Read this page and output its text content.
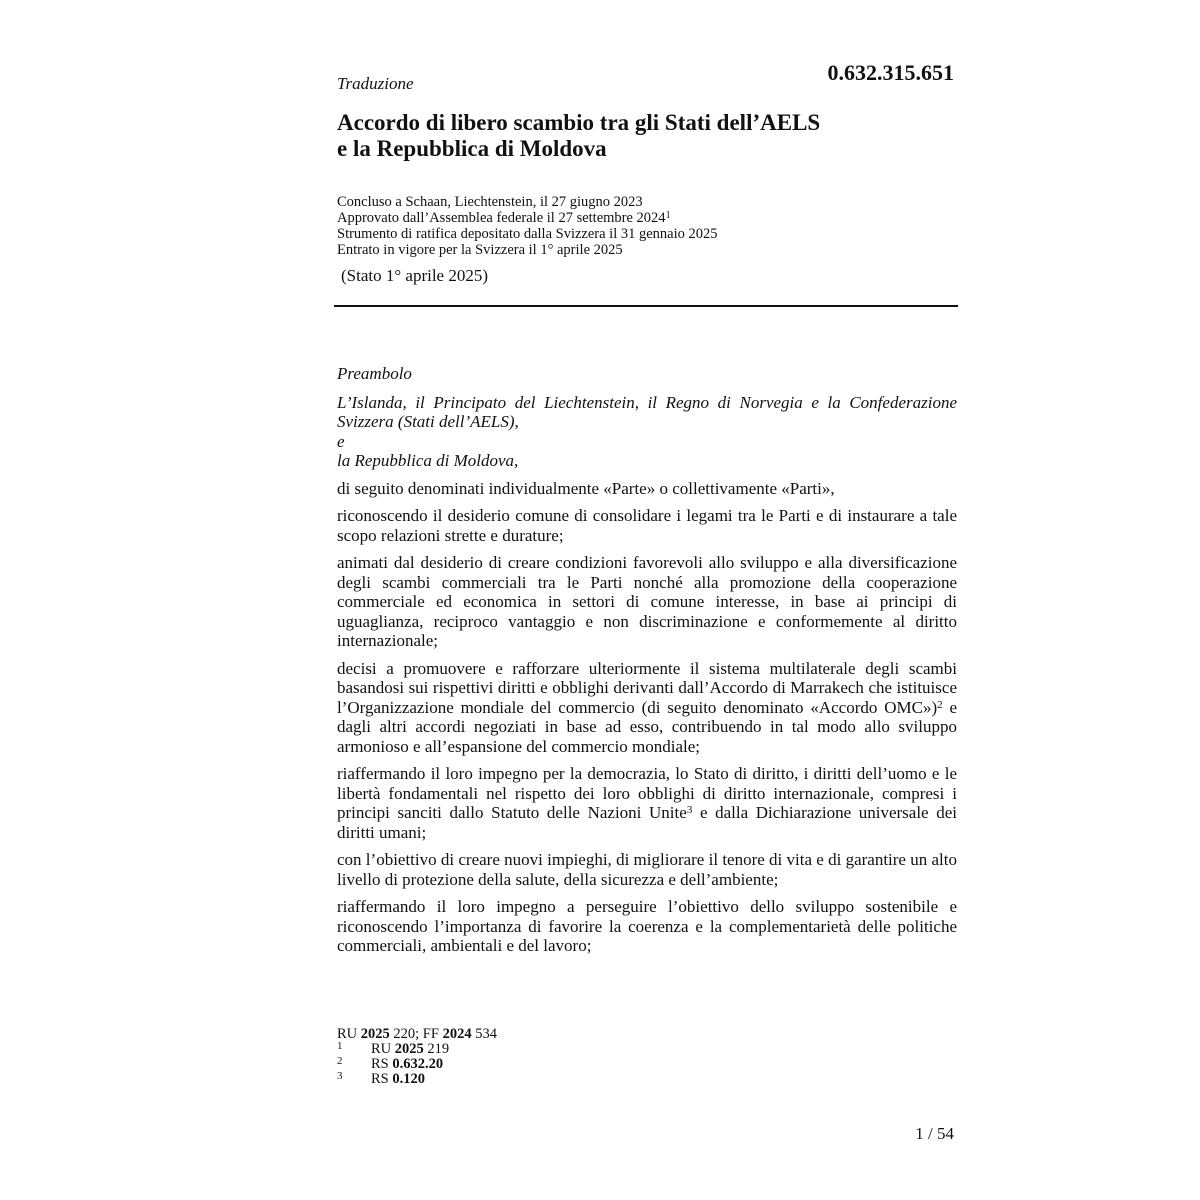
Traduzione	0.632.315.651
Accordo di libero scambio tra gli Stati dell’AELS
e la Repubblica di Moldova
Concluso a Schaan, Liechtenstein, il 27 giugno 2023
Approvato dall’Assemblea federale il 27 settembre 2024$^1$
Strumento di ratifica depositato dalla Svizzera il 31 gennaio 2025
Entrato in vigore per la Svizzera il 1° aprile 2025
(Stato 1° aprile 2025)
Preambolo
L’Islanda, il Principato del Liechtenstein, il Regno di Norvegia e la Confederazione Svizzera (Stati dell’AELS),
e
la Repubblica di Moldova,

di seguito denominati individualmente «Parte» o collettivamente «Parti»,

riconoscendo il desiderio comune di consolidare i legami tra le Parti e di instaurare a tale scopo relazioni strette e durature;

animati dal desiderio di creare condizioni favorevoli allo sviluppo e alla diversificazione degli scambi commerciali tra le Parti nonché alla promozione della cooperazione commerciale ed economica in settori di comune interesse, in base ai principi di uguaglianza, reciproco vantaggio e non discriminazione e conformemente al diritto internazionale;

decisi a promuovere e rafforzare ulteriormente il sistema multilaterale degli scambi basandosi sui rispettivi diritti e obblighi derivanti dall’Accordo di Marrakech che istituisce l’Organizzazione mondiale del commercio (di seguito denominato «Accordo OMC»)$^2$ e dagli altri accordi negoziati in base ad esso, contribuendo in tal modo allo sviluppo armonioso e all’espansione del commercio mondiale;

riaffermando il loro impegno per la democrazia, lo Stato di diritto, i diritti dell’uomo e le libertà fondamentali nel rispetto dei loro obblighi di diritto internazionale, compresi i principi sanciti dallo Statuto delle Nazioni Unite$^3$ e dalla Dichiarazione universale dei diritti umani;

con l’obiettivo di creare nuovi impieghi, di migliorare il tenore di vita e di garantire un alto livello di protezione della salute, della sicurezza e dell’ambiente;

riaffermando il loro impegno a perseguire l’obiettivo dello sviluppo sostenibile e riconoscendo l’importanza di favorire la coerenza e la complementarietà delle politiche commerciali, ambientali e del lavoro;

RU 2025 220; FF 2024 534
1	RU 2025 219
2	RS 0.632.20
3	RS 0.120
1 / 54
